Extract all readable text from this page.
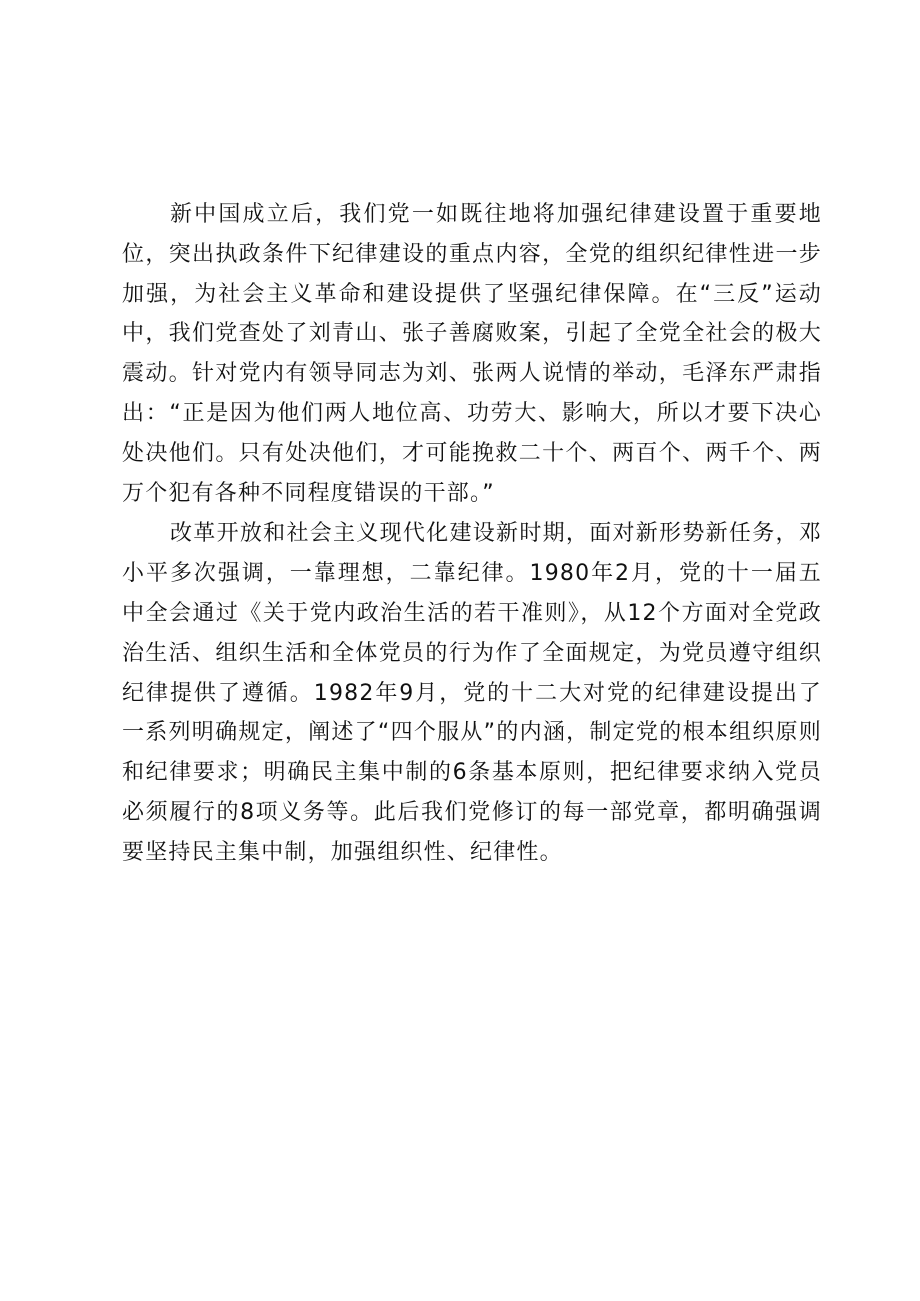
新中国成立后，我们党一如既往地将加强纪律建设置于重要地位，突出执政条件下纪律建设的重点内容，全党的组织纪律性进一步加强，为社会主义革命和建设提供了坚强纪律保障。在“三反”运动中，我们党查处了刘青山、张子善腐败案，引起了全党全社会的极大震动。针对党内有领导同志为刘、张两人说情的举动，毛泽东严肃指出：“正是因为他们两人地位高、功劳大、影响大，所以才要下决心处决他们。只有处决他们，才可能挽救二十个、两百个、两千个、两万个犯有各种不同程度错误的干部。”

改革开放和社会主义现代化建设新时期，面对新形势新任务，邓小平多次强调，一靠理想，二靠纪律。1980年2月，党的十一届五中全会通过《关于党内政治生活的若干准则》，从12个方面对全党政治生活、组织生活和全体党员的行为作了全面规定，为党员遵守组织纪律提供了遵循。1982年9月，党的十二大对党的纪律建设提出了一系列明确规定，阐述了“四个服从”的内涵，制定党的根本组织原则和纪律要求；明确民主集中制的6条基本原则，把纪律要求纳入党员必须履行的8项义务等。此后我们党修订的每一部党章，都明确强调要坚持民主集中制，加强组织性、纪律性。
